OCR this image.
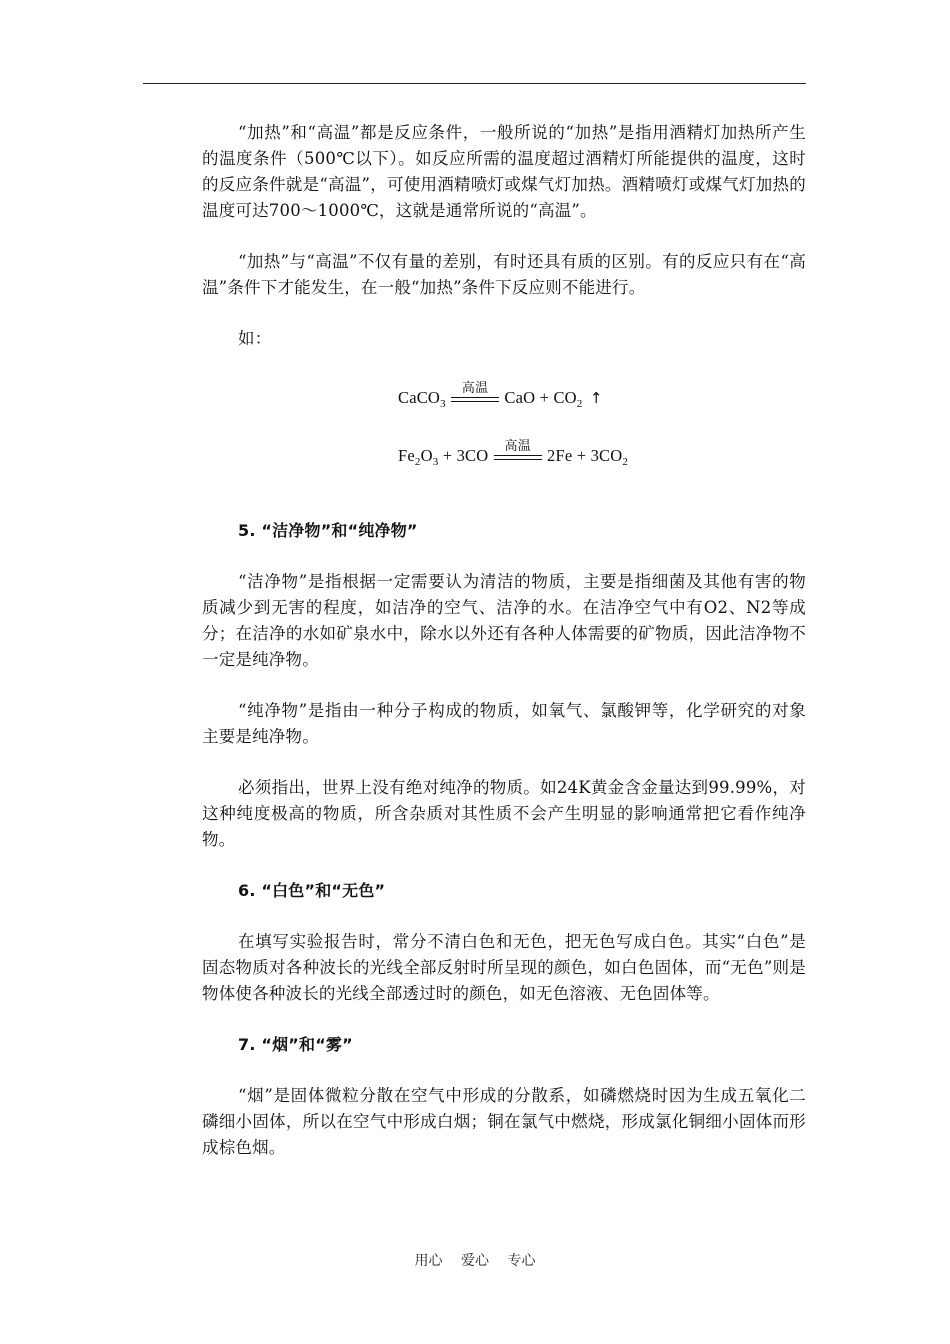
“加热”和“高温”都是反应条件，一般所说的“加热”是指用酒精灯加热所产生的温度条件（500℃以下）。如反应所需的温度超过酒精灯所能提供的温度，这时的反应条件就是“高温”，可使用酒精喷灯或煤气灯加热。酒精喷灯或煤气灯加热的温度可达700～1000℃，这就是通常所说的“高温”。

“加热”与“高温”不仅有量的差别，有时还具有质的区别。有的反应只有在“高温”条件下才能发生，在一般“加热”条件下反应则不能进行。

如：

CaCO$_3$
高温 CaO + $CO_2$ ↑
$Fe_2O_3 + 3CO$	高温 $2Fe + 3CO_2$

5. “洁净物”和“纯净物”

“洁净物”是指根据一定需要认为清洁的物质，主要是指细菌及其他有害的物质减少到无害的程度，如洁净的空气、洁净的水。在洁净空气中有O2、N2等成分；在洁净的水如矿泉水中，除水以外还有各种人体需要的矿物质，因此洁净物不一定是纯净物。

“纯净物”是指由一种分子构成的物质，如氧气、氯酸钾等，化学研究的对象主要是纯净物。

必须指出，世界上没有绝对纯净的物质。如24K黄金含金量达到99.99%，对这种纯度极高的物质，所含杂质对其性质不会产生明显的影响通常把它看作纯净物。

6. “白色”和“无色”

在填写实验报告时，常分不清白色和无色，把无色写成白色。其实“白色”是固态物质对各种波长的光线全部反射时所呈现的颜色，如白色固体，而“无色”则是物体使各种波长的光线全部透过时的颜色，如无色溶液、无色固体等。

7. “烟”和“雾”

“烟”是固体微粒分散在空气中形成的分散系，如磷燃烧时因为生成五氧化二磷细小固体，所以在空气中形成白烟；铜在氯气中燃烧，形成氯化铜细小固体而形成棕色烟。

用心 爱心 专心
